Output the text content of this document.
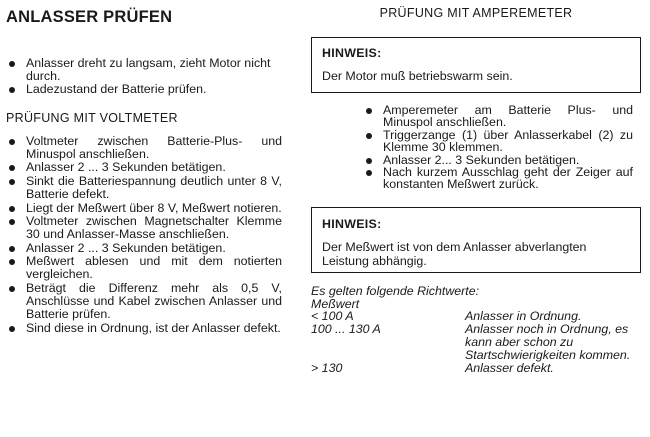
ANLASSER PRÜFEN
Anlasser dreht zu langsam, zieht Motor nicht durch.
Ladezustand der Batterie prüfen.
PRÜFUNG MIT VOLTMETER
Voltmeter zwischen Batterie-Plus- und Minuspol anschließen.
Anlasser 2 ... 3 Sekunden betätigen.
Sinkt die Batteriespannung deutlich unter 8 V, Batterie defekt.
Liegt der Meßwert über 8 V, Meßwert notieren.
Voltmeter zwischen Magnetschalter Klemme 30 und Anlasser-Masse anschließen.
Anlasser 2 ... 3 Sekunden betätigen.
Meßwert ablesen und mit dem notierten vergleichen.
Beträgt die Differenz mehr als 0,5 V, Anschlüsse und Kabel zwischen Anlasser und Batterie prüfen.
Sind diese in Ordnung, ist der Anlasser defekt.
PRÜFUNG MIT AMPEREMETER
HINWEIS:
Der Motor muß betriebswarm sein.
Amperemeter am Batterie Plus- und Minuspol anschließen.
Triggerzange (1) über Anlasserkabel (2) zu Klemme 30 klemmen.
Anlasser 2... 3 Sekunden betätigen.
Nach kurzem Ausschlag geht der Zeiger auf konstanten Meßwert zurück.
HINWEIS:
Der Meßwert ist von dem Anlasser abverlangten Leistung abhängig.
Es gelten folgende Richtwerte:
Meßwert
< 100 A	Anlasser in Ordnung.
100 ... 130 A	Anlasser noch in Ordnung, es kann aber schon zu Startschwierigkeiten kommen.
> 130	Anlasser defekt.
